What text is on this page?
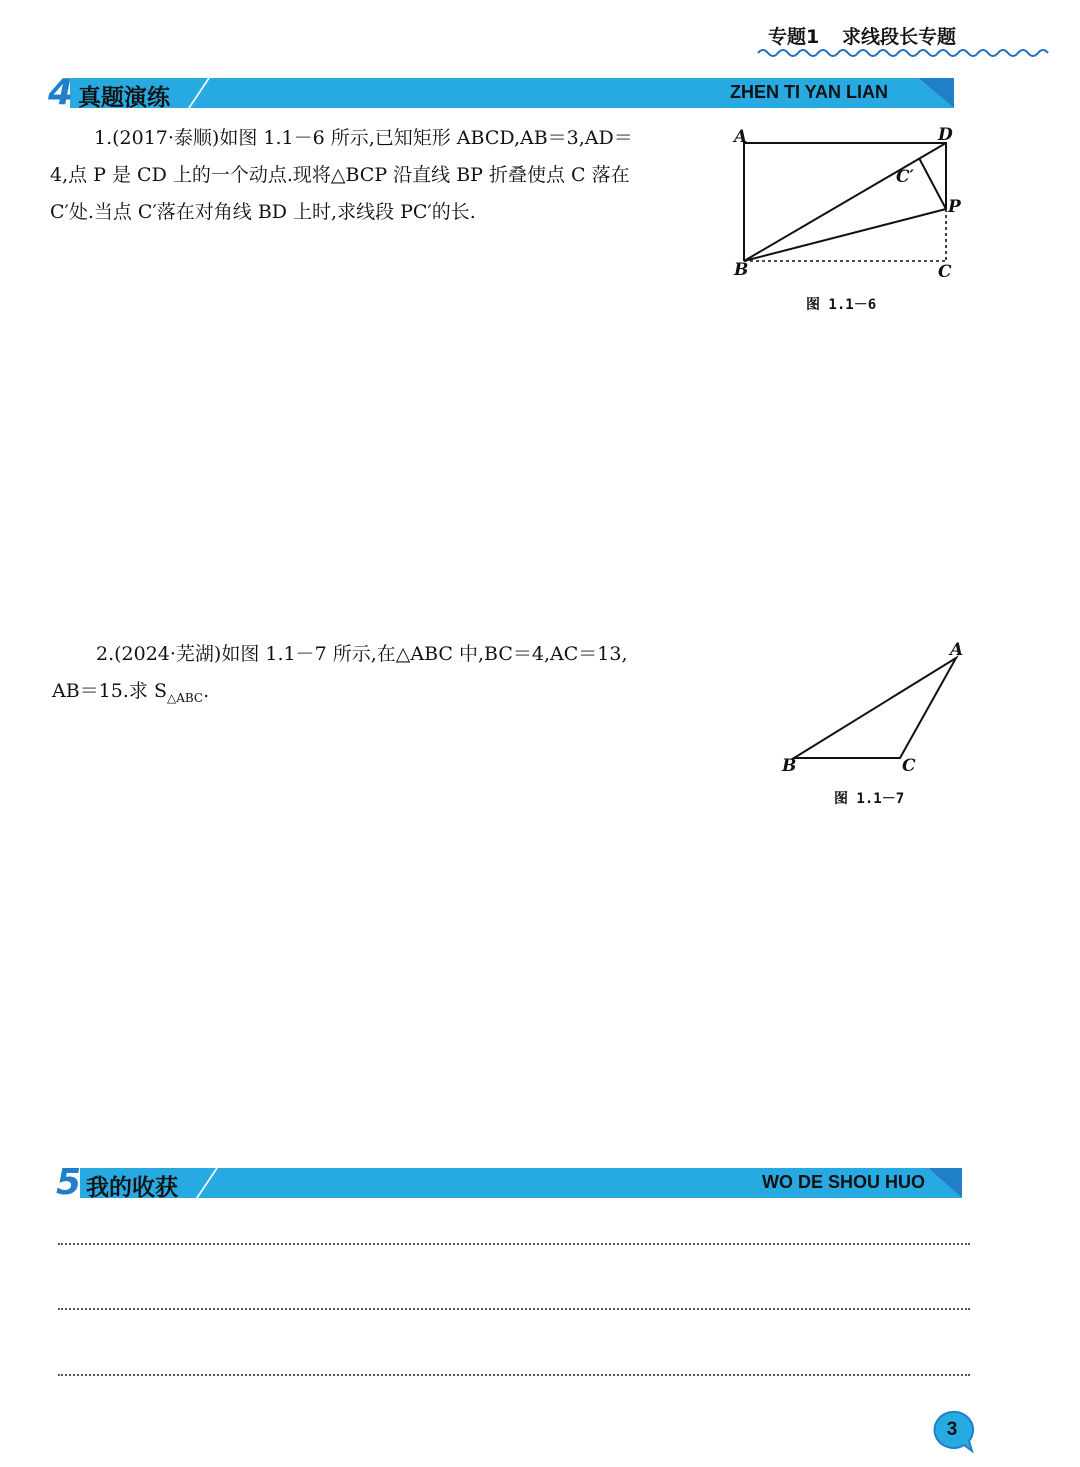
专题1 求线段长专题
4 真题演练	ZHEN TI YAN LIAN
1.(2017·泰顺)如图 1.1－6 所示,已知矩形 ABCD,AB＝3,AD＝
4,点 P 是 CD 上的一个动点.现将△BCP 沿直线 BP 折叠使点 C 落在
C′处.当点 C′落在对角线 BD 上时,求线段 PC′的长.
A	D
C′
P
B	C
图 1.1－6
2.(2024·芜湖)如图 1.1－7 所示,在△ABC 中,BC＝4,AC＝13,
AB＝15.求 $S_{\triangle ABC}$.
A
B	C
图 1.1－7
5 我的收获	WO DE SHOU HUO
3
